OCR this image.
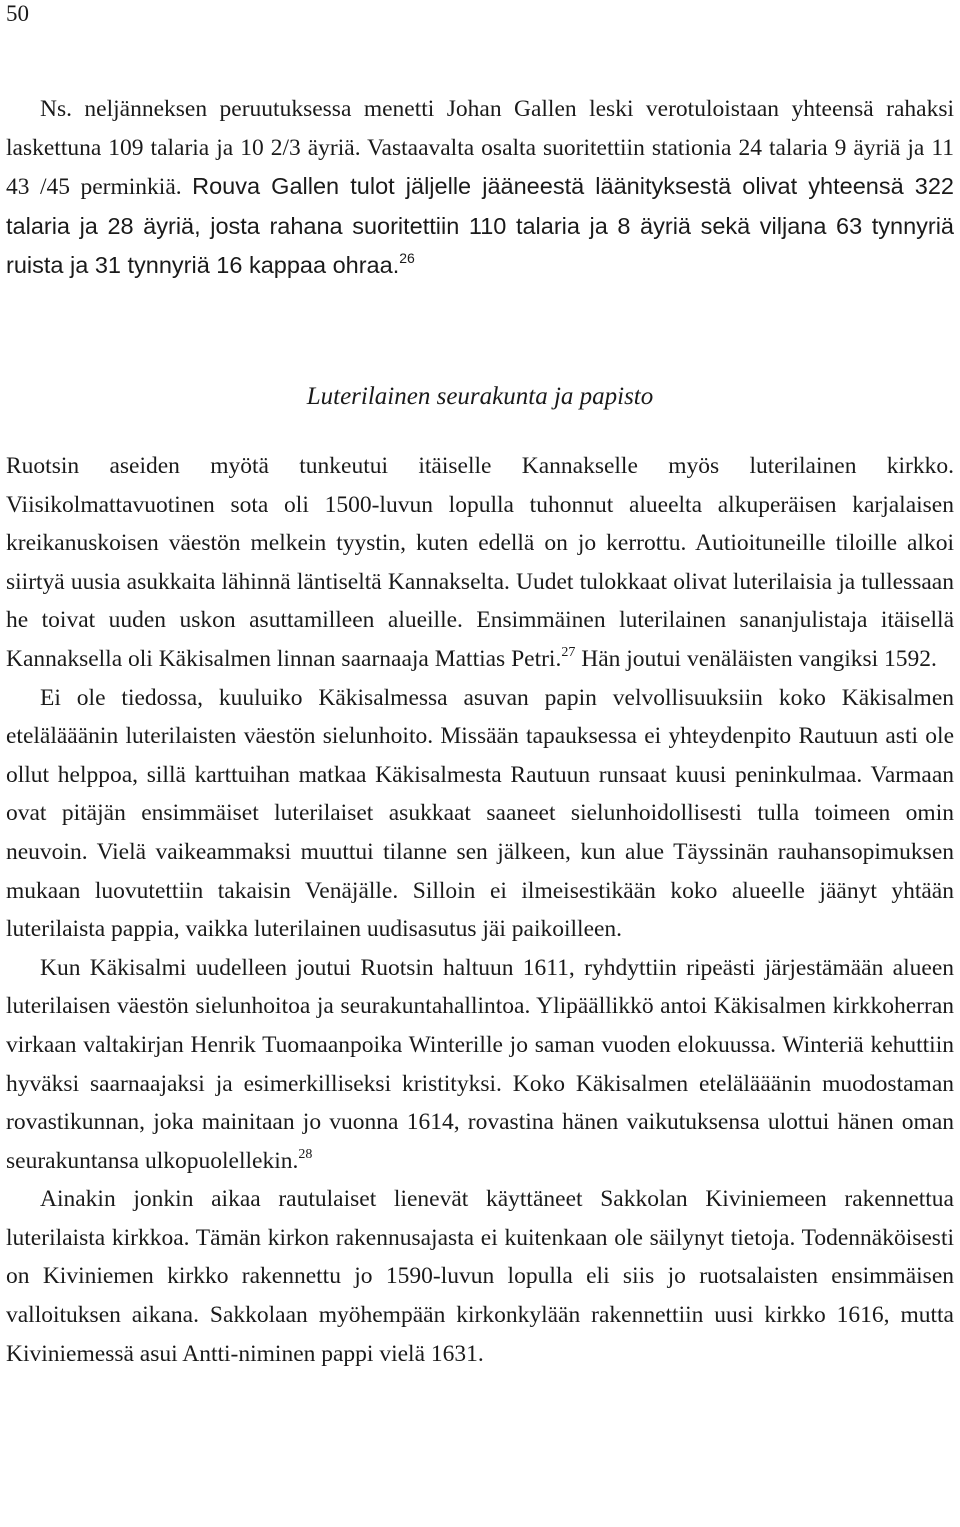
50

Ns. neljänneksen peruutuksessa menetti Johan Gallen leski verotuloistaan yhteensä rahaksi laskettuna 109 talaria ja 10 2/3 äyriä. Vastaavalta osalta suoritettiin stationia 24 talaria 9 äyriä ja 11 43 /45 perminkiä. Rouva Gallen tulot jäljelle jääneestä läänityksestä olivat yhteensä 322 talaria ja 28 äyriä, josta rahana suoritettiin 110 talaria ja 8 äyriä sekä viljana 63 tynnyriä ruista ja 31 tynnyriä 16 kappaa ohraa.$^{26}$

Luterilainen seurakunta ja papisto

Ruotsin aseiden myötä tunkeutui itäiselle Kannakselle myös luterilainen kirkko. Viisikolmattavuotinen sota oli 1500-luvun lopulla tuhonnut alueelta alkuperäisen karjalaisen kreikanuskoisen väestön melkein tyystin, kuten edellä on jo kerrottu. Autioituneille tiloille alkoi siirtyä uusia asukkaita lähinnä läntiseltä Kannakselta. Uudet tulokkaat olivat luterilaisia ja tullessaan he toivat uuden uskon asuttamilleen alueille. Ensimmäinen luterilainen sananjulistaja itäisellä Kannaksella oli Käkisalmen linnan saarnaaja Mattias Petri.$^{27}$ Hän joutui venäläisten vangiksi 1592.

Ei ole tiedossa, kuuluiko Käkisalmessa asuvan papin velvollisuuksiin koko Käkisalmen etelälääänin luterilaisten väestön sielunhoito. Missään tapauksessa ei yhteydenpito Rautuun asti ole ollut helppoa, sillä karttuihan matkaa Käkisalmesta Rautuun runsaat kuusi peninkulmaa. Varmaan ovat pitäjän ensimmäiset luterilaiset asukkaat saaneet sielunhoidollisesti tulla toimeen omin neuvoin. Vielä vaikeammaksi muuttui tilanne sen jälkeen, kun alue Täyssinän rauhansopimuksen mukaan luovutettiin takaisin Venäjälle. Silloin ei ilmeisestikään koko alueelle jäänyt yhtään luterilaista pappia, vaikka luterilainen uudisasutus jäi paikoilleen.

Kun Käkisalmi uudelleen joutui Ruotsin haltuun 1611, ryhdyttiin ripeästi järjestämään alueen luterilaisen väestön sielunhoitoa ja seurakuntahallintoa. Ylipäällikkö antoi Käkisalmen kirkkoherran virkaan valtakirjan Henrik Tuomaanpoika Winterille jo saman vuoden elokuussa. Winteriä kehuttiin hyväksi saarnaajaksi ja esimerkilliseksi kristityksi. Koko Käkisalmen etelälääänin muodostaman rovastikunnan, joka mainitaan jo vuonna 1614, rovastina hänen vaikutuksensa ulottui hänen oman seurakuntansa ulkopuolellekin.$^{28}$

Ainakin jonkin aikaa rautulaiset lienevät käyttäneet Sakkolan Kiviniemeen rakennettua luterilaista kirkkoa. Tämän kirkon rakennusajasta ei kuitenkaan ole säilynyt tietoja. Todennäköisesti on Kiviniemen kirkko rakennettu jo 1590-luvun lopulla eli siis jo ruotsalaisten ensimmäisen valloituksen aikana. Sakkolaan myöhempään kirkonkylään rakennettiin uusi kirkko 1616, mutta Kiviniemessä asui Antti-niminen pappi vielä 1631.
